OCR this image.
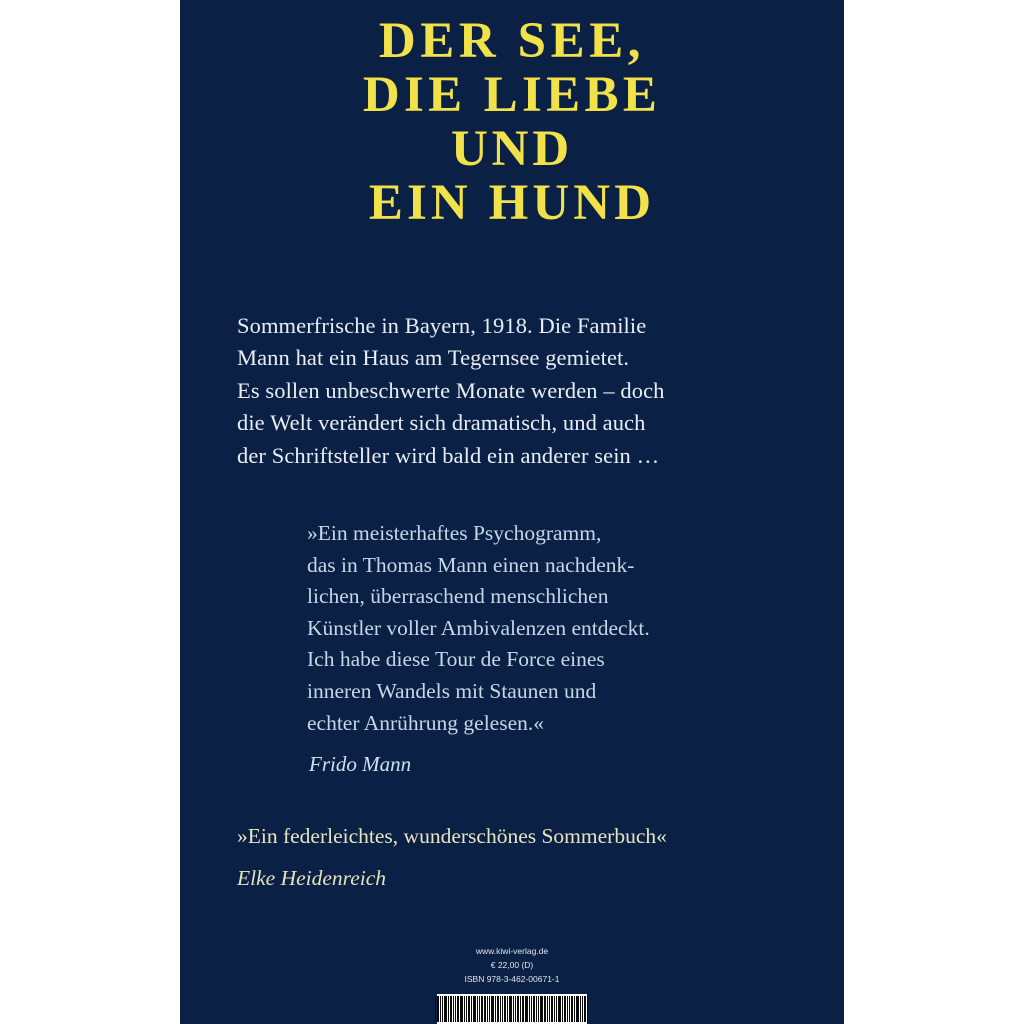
DER SEE,
DIE LIEBE
UND
EIN HUND
Sommerfrische in Bayern, 1918. Die Familie
Mann hat ein Haus am Tegernsee gemietet.
Es sollen unbeschwerte Monate werden – doch
die Welt verändert sich dramatisch, und auch
der Schriftsteller wird bald ein anderer sein …
»Ein meisterhaftes Psychogramm,
das in Thomas Mann einen nachdenk-
lichen, überraschend menschlichen
Künstler voller Ambivalenzen entdeckt.
Ich habe diese Tour de Force eines
inneren Wandels mit Staunen und
echter Anrührung gelesen.«
Frido Mann
»Ein federleichtes, wunderschönes Sommerbuch«
Elke Heidenreich
www.kiwi-verlag.de
€ 22,00 (D)
ISBN 978-3-462-00671-1
